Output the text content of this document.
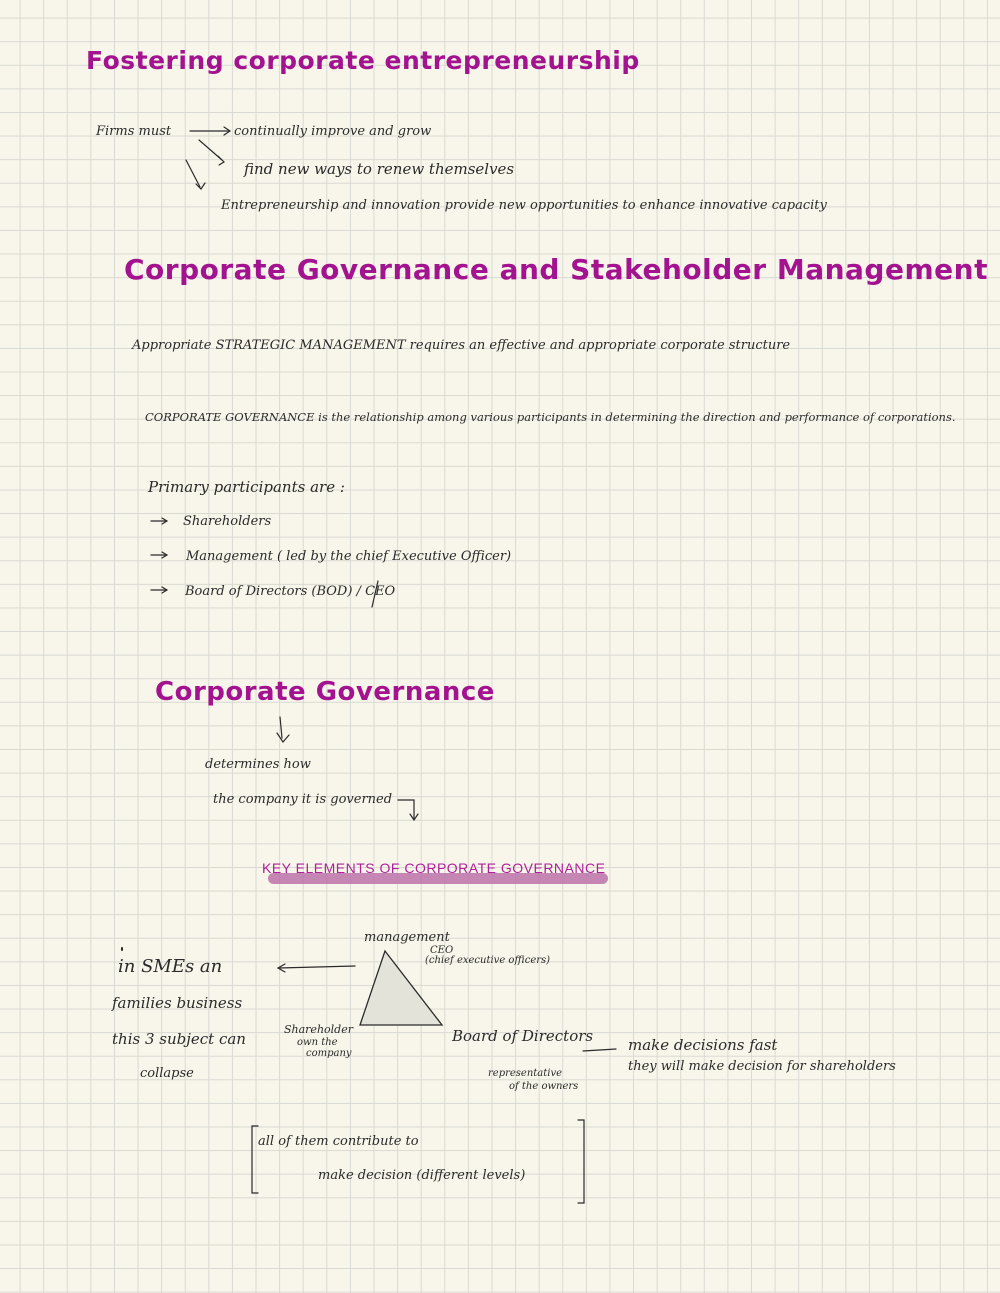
Fostering corporate entrepreneurship
Firms must	continually improve and grow
find new ways to renew themselves
Entrepreneurship and innovation provide new opportunities to enhance innovative capacity
Corporate Governance and Stakeholder Management
Appropriate STRATEGIC MANAGEMENT requires an effective and appropriate corporate structure
CORPORATE GOVERNANCE is the relationship among various participants in determining the direction and performance of corporations.
Primary participants are :
Shareholders
Management ( led by the chief Executive Officer)
Board of Directors (BOD) / CEO
Corporate Governance
determines how
the company it is governed
KEY ELEMENTS OF CORPORATE GOVERNANCE
management
CEO
(chief executive officers)
in SMEs an
families business
this 3 subject can
collapse
Shareholder
own the
company
Board of Directors
representative
of the owners
make decisions fast
they will make decision for shareholders
all of them contribute to
make decision (different levels)
